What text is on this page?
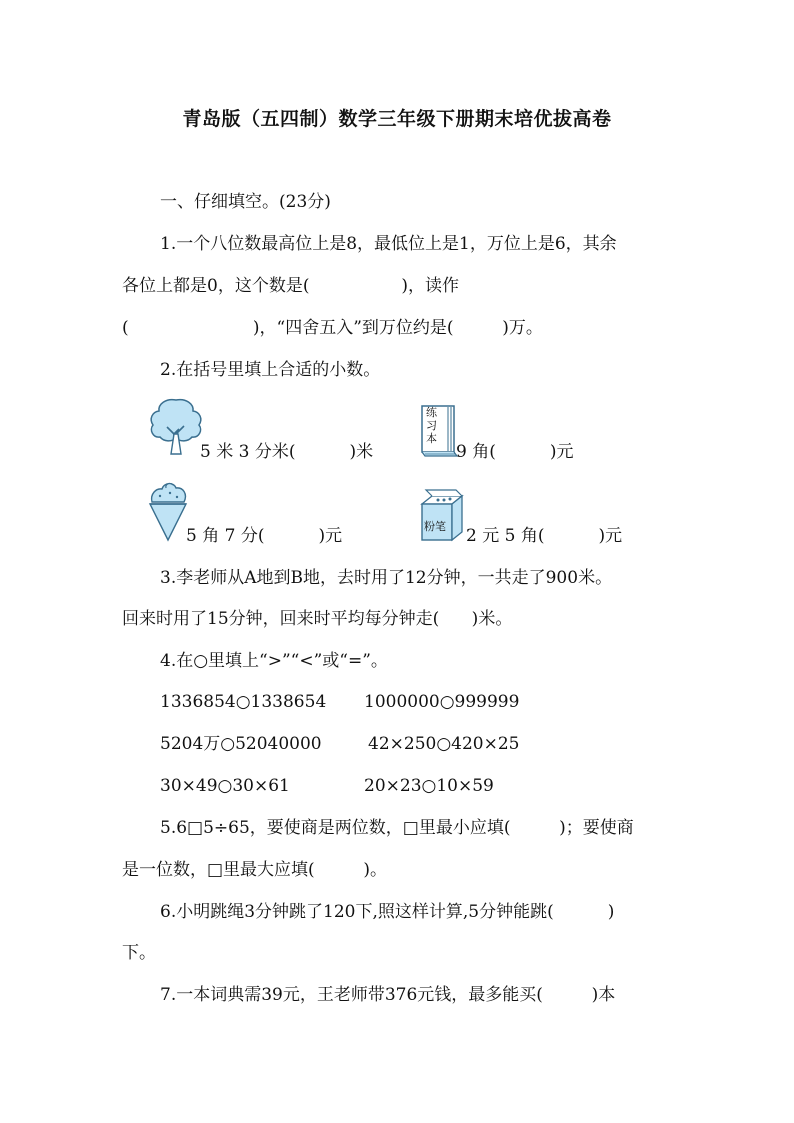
青岛版（五四制）数学三年级下册期末培优拔高卷
一、仔细填空。(23分)
1.一个八位数最高位上是8，最低位上是1，万位上是6，其余
各位上都是0，这个数是(                 )，读作
(                       )，“四舍五入”到万位约是(         )万。
2.在括号里填上合适的小数。
5 米 3 分米(          )米
练
习
本
9 角(          )元
5 角 7 分(          )元	粉笔 2 元 5 角(          )元
3.李老师从A地到B地，去时用了12分钟，一共走了900米。
回来时用了15分钟，回来时平均每分钟走(      )米。
4.在○里填上“>”“<”或“=”。
1336854○1338654 1000000○999999
5204万○52040000	42×250○420×25
30×49○30×61	20×23○10×59
5.6□5÷65，要使商是两位数，□里最小应填(         )；要使商
是一位数，□里最大应填(         )。
6.小明跳绳3分钟跳了120下,照这样计算,5分钟能跳(          )
下。
7.一本词典需39元，王老师带376元钱，最多能买(         )本
